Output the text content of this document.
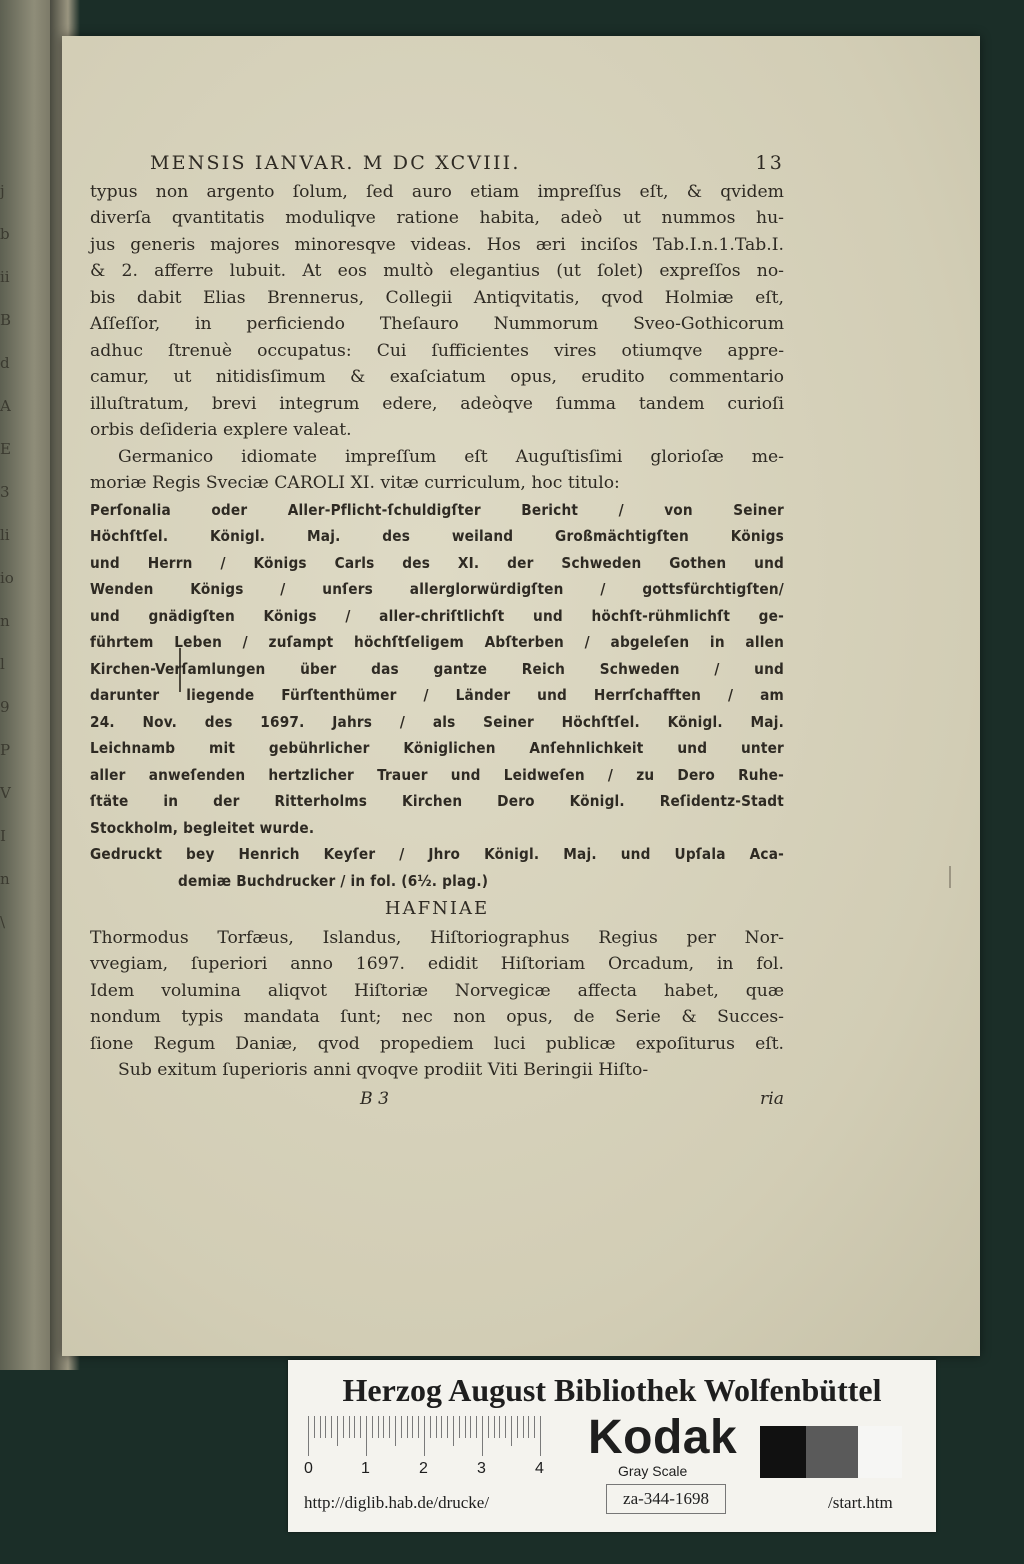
j
b
ii
B
d
A
E
3
li
io
n
l
9
P
V
I
n
\
MENSIS IANVAR. M DC XCVIII.	13
typus non argento ſolum, ſed auro etiam impreſſus eſt, & qvidem
diverſa qvantitatis moduliqve ratione habita, adeò ut nummos hu-
jus generis majores minoresqve videas. Hos æri inciſos Tab.I.n.1.Tab.I.
& 2. afferre lubuit. At eos multò elegantius (ut ſolet) expreſſos no-
bis dabit Elias Brennerus, Collegii Antiqvitatis, qvod Holmiæ eſt,
Aſſeſſor, in perficiendo Theſauro Nummorum Sveo-Gothicorum
adhuc ſtrenuè occupatus: Cui ſufficientes vires otiumqve appre-
camur, ut nitidisſimum & exaſciatum opus, erudito commentario
illuſtratum, brevi integrum edere, adeòqve ſumma tandem curioſi
orbis deſideria explere valeat.
Germanico idiomate impreſſum eſt Auguſtisſimi glorioſæ me-
moriæ Regis Sveciæ CAROLI XI. vitæ curriculum, hoc titulo:
Perſonalia oder Aller-Pflicht-ſchuldigſter Bericht / von Seiner
Höchſtſel. Königl. Maj. des weiland Großmächtigſten Königs
und Herrn / Königs Carls des XI. der Schweden Gothen und
Wenden Königs / unſers allerglorwürdigſten / gottsfürchtigſten/
und gnädigſten Königs / aller-chriſtlichſt und höchſt-rühmlichſt ge-
führtem Leben / zuſampt höchſtſeligem Abſterben / abgeleſen in allen
Kirchen-Verſamlungen über das gantze Reich Schweden / und
darunter liegende Fürſtenthümer / Länder und Herrſchafften / am
24. Nov. des 1697. Jahrs / als Seiner Höchſtſel. Königl. Maj.
Leichnamb mit gebührlicher Königlichen Anſehnlichkeit und unter
aller anweſenden hertzlicher Trauer und Leidweſen / zu Dero Ruhe-
ſtäte in der Ritterholms Kirchen Dero Königl. Reſidentz-Stadt
Stockholm, begleitet wurde.
Gedruckt bey Henrich Keyſer / Jhro Königl. Maj. und Upſala Aca-
demiæ Buchdrucker / in fol. (6½. plag.)
HAFNIAE
Thormodus Torfæus, Islandus, Hiſtoriographus Regius per Nor-
vvegiam, ſuperiori anno 1697. edidit Hiſtoriam Orcadum, in fol.
Idem volumina aliqvot Hiſtoriæ Norvegicæ affecta habet, quæ
nondum typis mandata ſunt; nec non opus, de Serie & Succes-
ſione Regum Daniæ, qvod propediem luci publicæ expoſiturus eſt.
Sub exitum ſuperioris anni qvoqve prodiit Viti Beringii Hiſto-
B 3	ria
Herzog August Bibliothek Wolfenbüttel
0	1	2	3	4
Kodak
Gray Scale
http://diglib.hab.de/drucke/	za-344-1698	/start.htm
